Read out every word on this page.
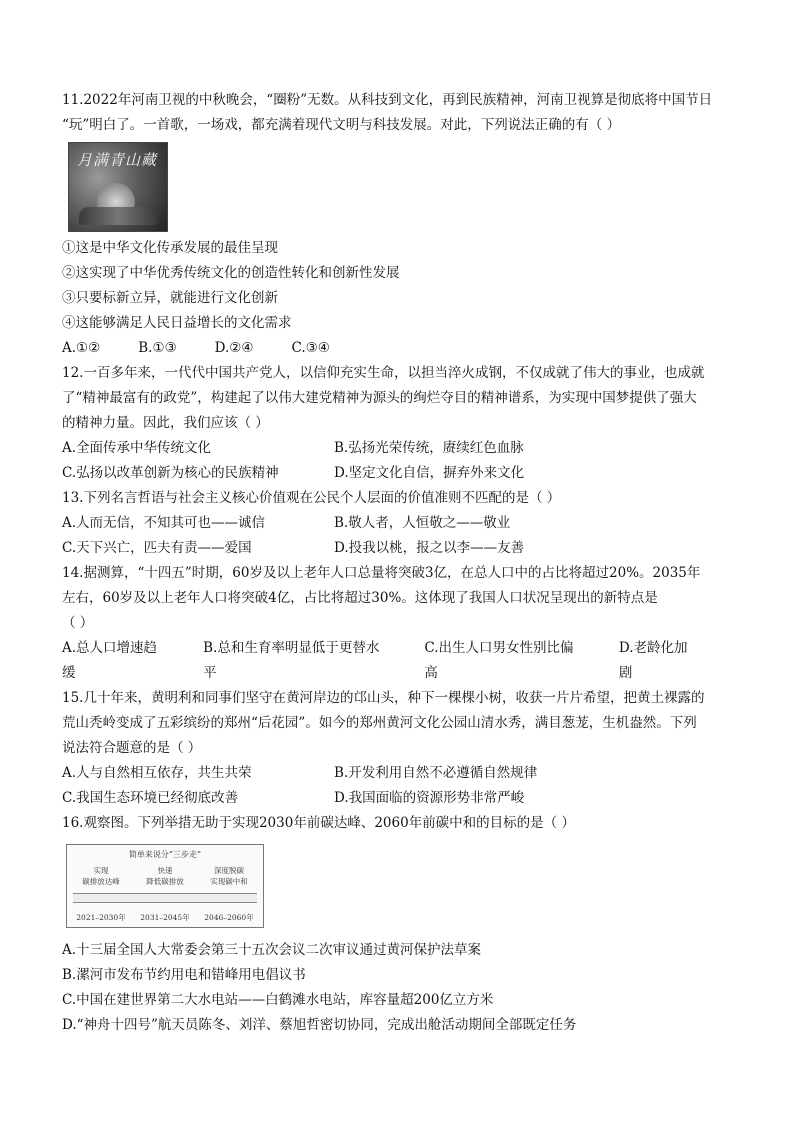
11.2022年河南卫视的中秋晚会，“圈粉”无数。从科技到文化，再到民族精神，河南卫视算是彻底将中国节日
“玩”明白了。一首歌，一场戏，都充满着现代文明与科技发展。对此，下列说法正确的有（ ）
月满青山藏
①这是中华文化传承发展的最佳呈现
②这实现了中华优秀传统文化的创造性转化和创新性发展
③只要标新立异，就能进行文化创新
④这能够满足人民日益增长的文化需求
A.①②	B.①③	D.②④	C.③④
12.一百多年来，一代代中国共产党人，以信仰充实生命，以担当淬火成钢，不仅成就了伟大的事业，也成就
了“精神最富有的政党”，构建起了以伟大建党精神为源头的绚烂夺目的精神谱系，为实现中国梦提供了强大
的精神力量。因此，我们应该（ ）
A.全面传承中华传统文化	B.弘扬光荣传统，赓续红色血脉
C.弘扬以改革创新为核心的民族精神	D.坚定文化自信，摒弃外来文化
13.下列名言哲语与社会主义核心价值观在公民个人层面的价值准则不匹配的是（ ）
A.人而无信，不知其可也——诚信	B.敬人者，人恒敬之——敬业
C.天下兴亡，匹夫有责——爱国	D.投我以桃，报之以李——友善
14.据测算，“十四五”时期，60岁及以上老年人口总量将突破3亿，在总人口中的占比将超过20%。2035年
左右，60岁及以上老年人口将突破4亿，占比将超过30%。这体现了我国人口状况呈现出的新特点是
（ ）
A.总人口增速趋缓
B.总和生育率明显低于更替水平
C.出生人口男女性别比偏高
D.老龄化加剧
15.几十年来，黄明利和同事们坚守在黄河岸边的邙山头，种下一棵棵小树，收获一片片希望，把黄土裸露的
荒山秃岭变成了五彩缤纷的郑州“后花园”。如今的郑州黄河文化公园山清水秀，满目葱茏，生机盎然。下列
说法符合题意的是（ ）
A.人与自然相互依存，共生共荣	B.开发利用自然不必遵循自然规律
C.我国生态环境已经彻底改善	D.我国面临的资源形势非常严峻
16.观察图。下列举措无助于实现2030年前碳达峰、2060年前碳中和的目标的是（ ）
简单来说分“三步走”
实现
碳排放达峰
快速
降低碳排放
深度脱碳
实现碳中和
2021–2030年	2031–2045年	2046–2060年
A.十三届全国人大常委会第三十五次会议二次审议通过黄河保护法草案
B.漯河市发布节约用电和错峰用电倡议书
C.中国在建世界第二大水电站——白鹤滩水电站，库容量超200亿立方米
D.“神舟十四号”航天员陈冬、刘洋、蔡旭哲密切协同，完成出舱活动期间全部既定任务
